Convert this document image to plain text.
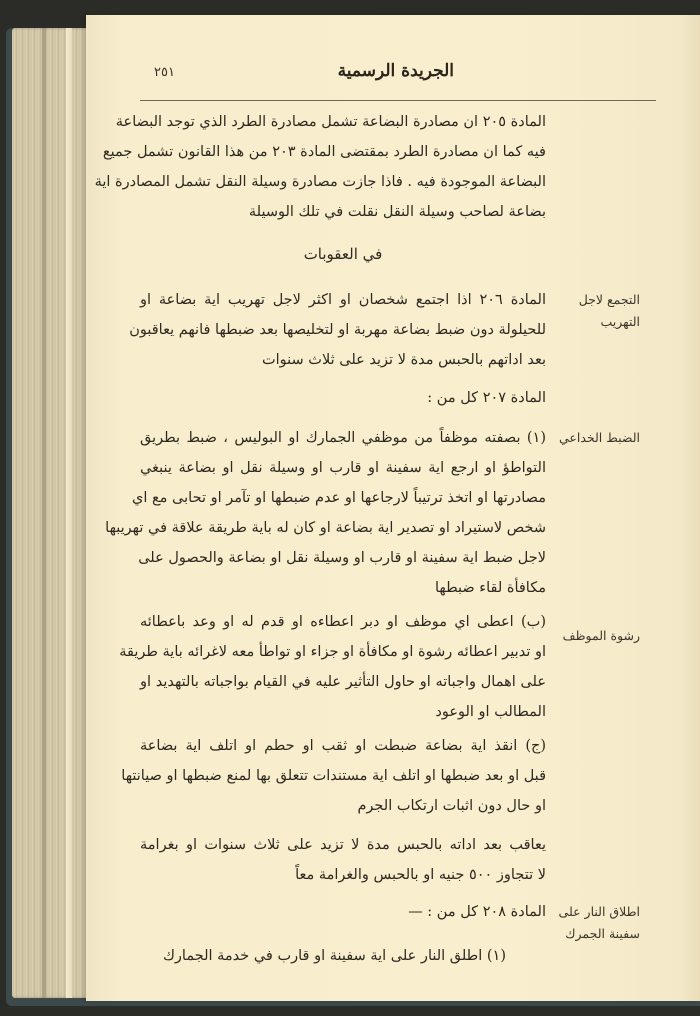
الجريدة الرسمية
٢٥١
المادة ٢٠٥ ان مصادرة البضاعة تشمل مصادرة الطرد الذي توجد البضاعة
فيه كما ان مصادرة الطرد بمقتضى المادة ٢٠٣ من هذا القانون تشمل جميع
البضاعة الموجودة فيه . فاذا جازت مصادرة وسيلة النقل تشمل المصادرة اية
بضاعة لصاحب وسيلة النقل نقلت في تلك الوسيلة
في العقوبات
التجمع لاجل
التهريب
المادة ٢٠٦ اذا اجتمع شخصان او اكثر لاجل تهريب اية بضاعة او
للحيلولة دون ضبط بضاعة مهربة او لتخليصها بعد ضبطها فانهم يعاقبون
بعد اداتهم بالحبس مدة لا تزيد على ثلاث سنوات
المادة ٢٠٧ كل من :
الضبط الخداعي
(١) بصفته موظفاً من موظفي الجمارك او البوليس ، ضبط بطريق
التواطؤ او ارجع اية سفينة او قارب او وسيلة نقل او بضاعة ينبغي
مصادرتها او اتخذ ترتيباً لارجاعها او عدم ضبطها او تآمر او تحابى مع اي
شخص لاستيراد او تصدير اية بضاعة او كان له باية طريقة علاقة في تهريبها
لاجل ضبط اية سفينة او قارب او وسيلة نقل او بضاعة والحصول على
مكافأة لقاء ضبطها
رشوة الموظف
(ب) اعطى اي موظف او دبر اعطاءه او قدم له او وعد باعطائه
او تدبير اعطائه رشوة او مكافأة او جزاء او تواطأ معه لاغرائه باية طريقة
على اهمال واجباته او حاول التأثير عليه في القيام بواجباته بالتهديد او
المطالب او الوعود
(ج) انقذ اية بضاعة ضبطت او ثقب او حطم او اتلف اية بضاعة
قبل او بعد ضبطها او اتلف اية مستندات تتعلق بها لمنع ضبطها او صيانتها
او حال دون اثبات ارتكاب الجرم
يعاقب بعد اداته بالحبس مدة لا تزيد على ثلاث سنوات او بغرامة
لا تتجاوز ٥٠٠ جنيه او بالحبس والغرامة معاً
اطلاق النار على
سفينة الجمرك
المادة ٢٠٨ كل من : —
(١) اطلق النار على اية سفينة او قارب في خدمة الجمارك
